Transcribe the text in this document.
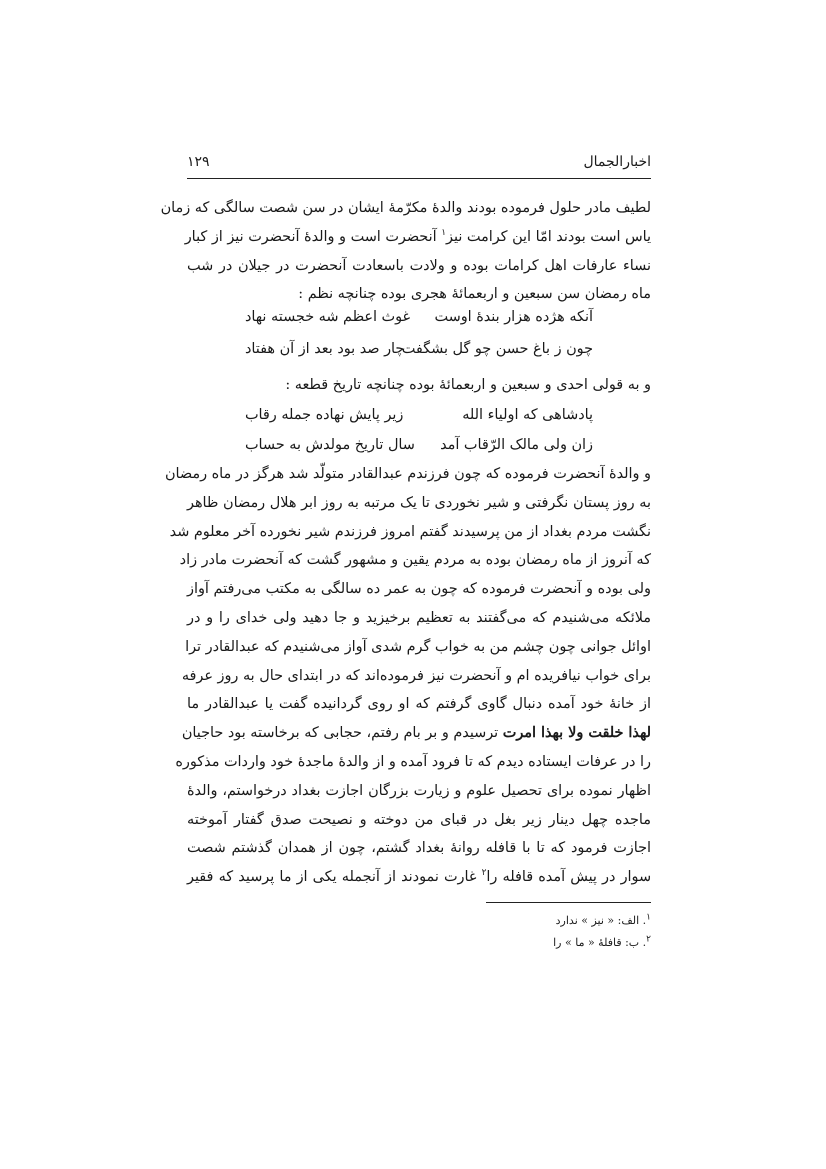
اخبارالجمال
۱۲۹
لطیف مادر حلول فرموده بودند والدهٔ مکرّمهٔ ایشان در سن شصت سالگی که زمان
یاس است بودند امّا این کرامت نیز$^۱$ آنحضرت است و والدهٔ آنحضرت نیز از کبار
نساء عارفات اهل کرامات بوده و ولادت باسعادت آنحضرت در جیلان در شب
ماه رمضان سن سبعین و اربعمائهٔ هجری بوده چنانچه نظم :
آنکه هژده هزار بندهٔ اوست
غوث اعظم شه خجسته نهاد
چون ز باغ حسن چو گل بشگفت
چار صد بود بعد از آن هفتاد
و به قولی احدی و سبعین و اربعمائهٔ بوده چنانچه تاریخ قطعه :
پادشاهی که اولیاء الله
زیر پایش نهاده جمله رقاب
زان ولی مالک الرّقاب آمد
سال تاریخ مولدش به حساب
و والدهٔ آنحضرت فرموده که چون فرزندم عبدالقادر متولّد شد هرگز در ماه رمضان
به روز پستان نگرفتی و شیر نخوردی تا یک مرتبه به روز ابر هلال رمضان ظاهر
نگشت مردم بغداد از من پرسیدند گفتم امروز فرزندم شیر نخورده آخر معلوم شد
که آنروز از ماه رمضان بوده به مردم یقین و مشهور گشت که آنحضرت مادر زاد
ولی بوده و آنحضرت فرموده که چون به عمر ده سالگی به مکتب می‌رفتم آواز
ملائکه می‌شنیدم که می‌گفتند به تعظیم برخیزید و جا دهید ولی خدای را و در
اوائل جوانی چون چشم من به خواب گرم شدی آواز می‌شنیدم که عبدالقادر ترا
برای خواب نیافریده ام و آنحضرت نیز فرموده‌اند که در ابتدای حال به روز عرفه
از خانهٔ خود آمده دنبال گاوی گرفتم که او روی گردانیده گفت یا عبدالقادر ما
لهذا خلقت ولا بهذا امرت ترسیدم و بر بام رفتم، حجابی که برخاسته بود حاجیان
را در عرفات ایستاده دیدم که تا فرود آمده و از والدهٔ ماجدهٔ خود واردات مذکوره
اظهار نموده برای تحصیل علوم و زیارت بزرگان اجازت بغداد درخواستم، والدهٔ
ماجده چهل دینار زیر بغل در قبای من دوخته و نصیحت صدق گفتار آموخته
اجازت فرمود که تا با قافله روانهٔ بغداد گشتم، چون از همدان گذشتم شصت
سوار در پیش آمده قافله را$^۲$ غارت نمودند از آنجمله یکی از ما پرسید که فقیر
$^۱$. الف: « نیز » ندارد
$^۲$. ب: قافلهٔ « ما » را
